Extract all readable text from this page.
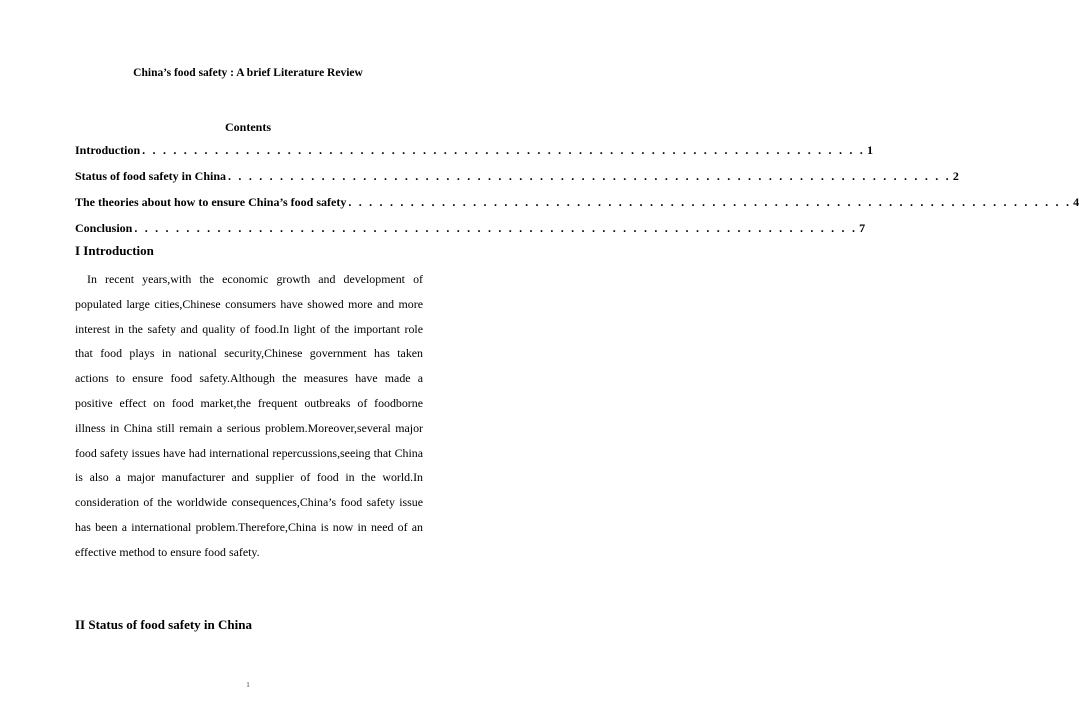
China’s food safety : A brief Literature Review
Contents
Introduction . . . . . . . . . . . . . . . . . . . . . . . . . . . . . . . . . . . . . . . . . . . . . . . . . . . . . . . . . . . . . . . . . . . . . . 1
Status of food safety in China . . . . . . . . . . . . . . . . . . . . . . . . . . . . . . . . . . . . . . . . . . . . . . . . . . . . . . . . . . . . . . . . . . . . . . 2
The theories about how to ensure China’s food safety . . . . . . . . . . . . . . . . . . . . . . . . . . . . . . . . . . . . . . . . . . . . . . . . . . . . . . . . . . . . . . . . . . . . . . 4
Conclusion . . . . . . . . . . . . . . . . . . . . . . . . . . . . . . . . . . . . . . . . . . . . . . . . . . . . . . . . . . . . . . . . . . . . . . 7
I Introduction
In recent years,with the economic growth and development of populated large cities,Chinese consumers have showed more and more interest in the safety and quality of food.In light of the important role that food plays in national security,Chinese government has taken actions to ensure food safety.Although the measures have made a positive effect on food market,the frequent outbreaks of foodborne illness in China still remain a serious problem.Moreover,several major food safety issues have had international repercussions,seeing that China is also a major manufacturer and supplier of food in the world.In consideration of the worldwide consequences,China’s food safety issue has been a international problem.Therefore,China is now in need of an effective method to ensure food safety.
II Status of food safety in China
1
